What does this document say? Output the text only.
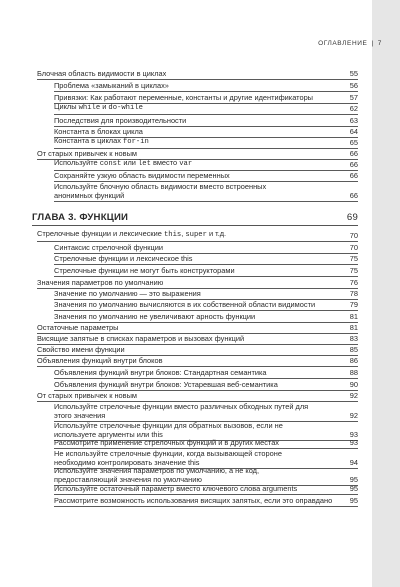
ОГЛАВЛЕНИЕ | 7
Блочная область видимости в циклах	55
Проблема «замыканий в циклах»	56
Привязки: Как работают переменные, константы и другие идентификаторы	57
Циклы while и do-while	62
Последствия для производительности	63
Константа в блоках цикла	64
Константа в циклах for-in	65
От старых привычек к новым	66
Используйте const или let вместо var	66
Сохраняйте узкую область видимости переменных	66
Используйте блочную область видимости вместо встроенных анонимных функций	66
ГЛАВА 3. ФУНКЦИИ	69
Стрелочные функции и лексические this, super и т.д.	70
Синтаксис стрелочной функции	70
Стрелочные функции и лексическое this	75
Стрелочные функции не могут быть конструкторами	75
Значения параметров по умолчанию	76
Значение по умолчанию — это выражения	78
Значения по умолчанию вычисляются в их собственной области видимости	79
Значения по умолчанию не увеличивают арность функции	81
Остаточные параметры	81
Висящие запятые в списках параметров и вызовах функций	83
Свойство имени функции	85
Объявления функций внутри блоков	86
Объявления функций внутри блоков: Стандартная семантика	88
Объявления функций внутри блоков: Устаревшая веб-семантика	90
От старых привычек к новым	92
Используйте стрелочные функции вместо различных обходных путей для этого значения	92
Используйте стрелочные функции для обратных вызовов, если не используете аргументы или this	93
Рассмотрите применение стрелочных функций и в других местах	93
Не используйте стрелочные функции, когда вызывающей стороне необходимо контролировать значение this	94
Используйте значения параметров по умолчанию, а не код, предоставляющий значения по умолчанию	95
Используйте остаточный параметр вместо ключевого слова arguments	95
Рассмотрите возможность использования висящих запятых, если это оправдано	95
